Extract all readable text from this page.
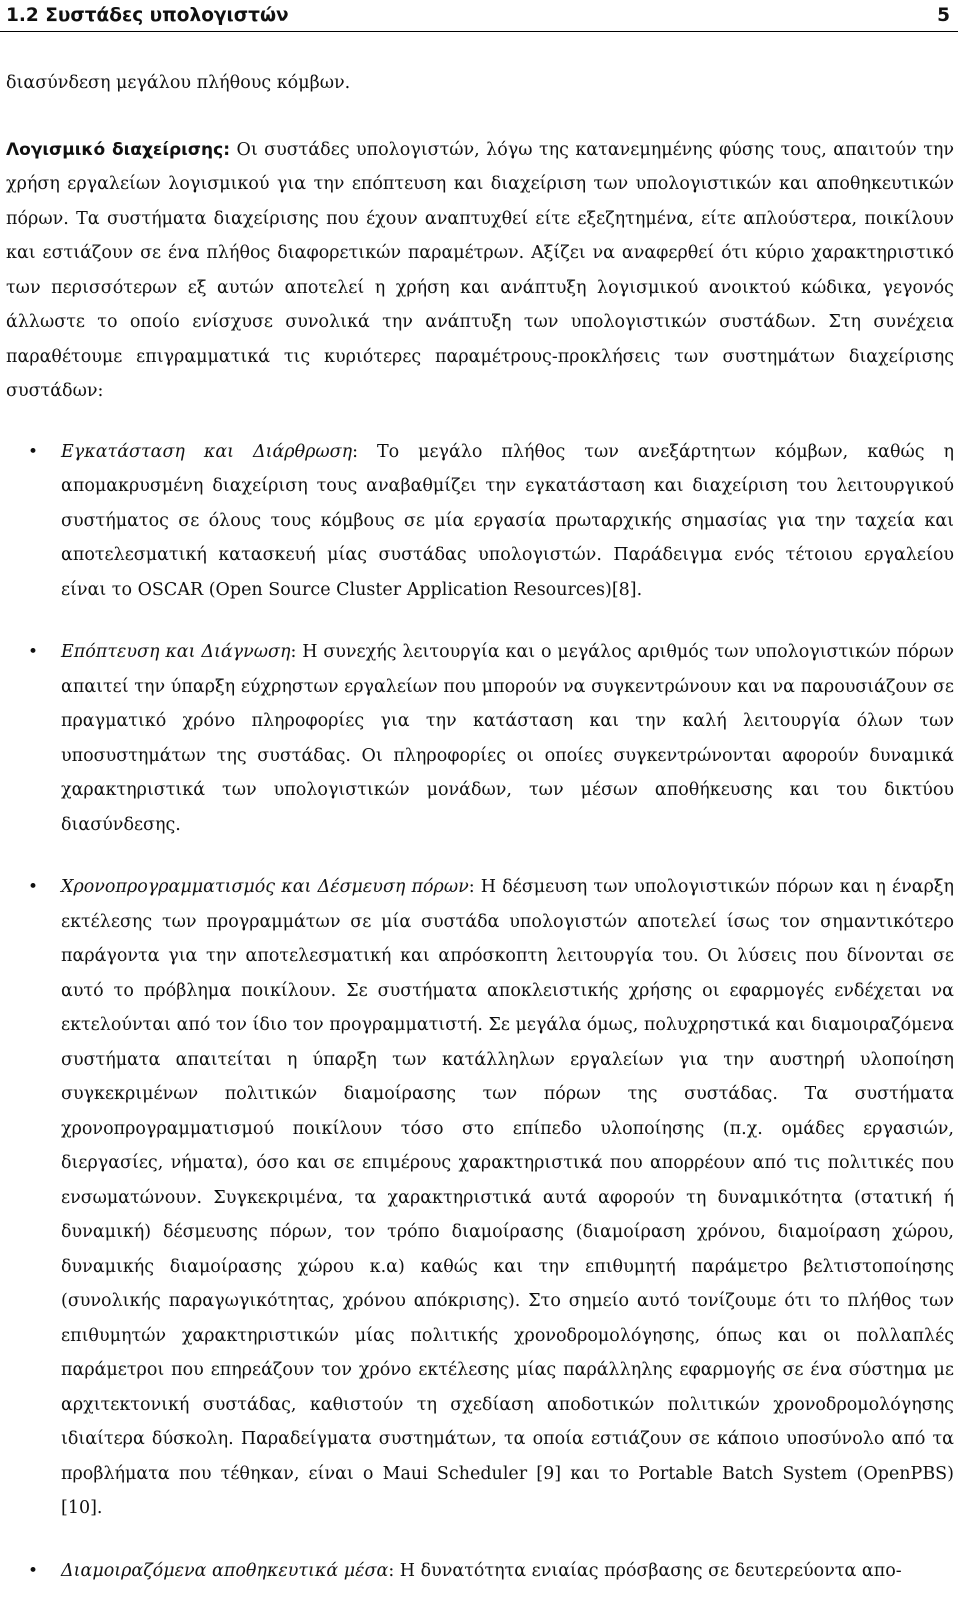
1.2 Συστάδες υπολογιστών	5

διασύνδεση μεγάλου πλήθους κόμβων.

Λογισμικό διαχείρισης: Οι συστάδες υπολογιστών, λόγω της κατανεμημένης φύσης τους, απαιτούν την χρήση εργαλείων λογισμικού για την επόπτευση και διαχείριση των υπολογιστικών και αποθηκευτικών πόρων. Τα συστήματα διαχείρισης που έχουν αναπτυχθεί είτε εξεζητημένα, είτε απλούστερα, ποικίλουν και εστιάζουν σε ένα πλήθος διαφορετικών παραμέτρων. Αξίζει να αναφερθεί ότι κύριο χαρακτηριστικό των περισσότερων εξ αυτών αποτελεί η χρήση και ανάπτυξη λογισμικού ανοικτού κώδικα, γεγονός άλλωστε το οποίο ενίσχυσε συνολικά την ανάπτυξη των υπολογιστικών συστάδων. Στη συνέχεια παραθέτουμε επιγραμματικά τις κυριότερες παραμέτρους-προκλήσεις των συστημάτων διαχείρισης συστάδων:

• Εγκατάσταση και Διάρθρωση: Το μεγάλο πλήθος των ανεξάρτητων κόμβων, καθώς η απομακρυσμένη διαχείριση τους αναβαθμίζει την εγκατάσταση και διαχείριση του λειτουργικού συστήματος σε όλους τους κόμβους σε μία εργασία πρωταρχικής σημασίας για την ταχεία και αποτελεσματική κατασκευή μίας συστάδας υπολογιστών. Παράδειγμα ενός τέτοιου εργαλείου είναι το OSCAR (Open Source Cluster Application Resources)[8].
• Επόπτευση και Διάγνωση: Η συνεχής λειτουργία και ο μεγάλος αριθμός των υπολογιστικών πόρων απαιτεί την ύπαρξη εύχρηστων εργαλείων που μπορούν να συγκεντρώνουν και να παρουσιάζουν σε πραγματικό χρόνο πληροφορίες για την κατάσταση και την καλή λειτουργία όλων των υποσυστημάτων της συστάδας. Οι πληροφορίες οι οποίες συγκεντρώνονται αφορούν δυναμικά χαρακτηριστικά των υπολογιστικών μονάδων, των μέσων αποθήκευσης και του δικτύου διασύνδεσης.
• Χρονοπρογραμματισμός και Δέσμευση πόρων: Η δέσμευση των υπολογιστικών πόρων και η έναρξη εκτέλεσης των προγραμμάτων σε μία συστάδα υπολογιστών αποτελεί ίσως τον σημαντικότερο παράγοντα για την αποτελεσματική και απρόσκοπτη λειτουργία του. Οι λύσεις που δίνονται σε αυτό το πρόβλημα ποικίλουν. Σε συστήματα αποκλειστικής χρήσης οι εφαρμογές ενδέχεται να εκτελούνται από τον ίδιο τον προγραμματιστή. Σε μεγάλα όμως, πολυχρηστικά και διαμοιραζόμενα συστήματα απαιτείται η ύπαρξη των κατάλληλων εργαλείων για την αυστηρή υλοποίηση συγκεκριμένων πολιτικών διαμοίρασης των πόρων της συστάδας. Τα συστήματα χρονοπρογραμματισμού ποικίλουν τόσο στο επίπεδο υλοποίησης (π.χ. ομάδες εργασιών, διεργασίες, νήματα), όσο και σε επιμέρους χαρακτηριστικά που απορρέουν από τις πολιτικές που ενσωματώνουν. Συγκεκριμένα, τα χαρακτηριστικά αυτά αφορούν τη δυναμικότητα (στατική ή δυναμική) δέσμευσης πόρων, τον τρόπο διαμοίρασης (διαμοίραση χρόνου, διαμοίραση χώρου, δυναμικής διαμοίρασης χώρου κ.α) καθώς και την επιθυμητή παράμετρο βελτιστοποίησης (συνολικής παραγωγικότητας, χρόνου απόκρισης). Στο σημείο αυτό τονίζουμε ότι το πλήθος των επιθυμητών χαρακτηριστικών μίας πολιτικής χρονοδρομολόγησης, όπως και οι πολλαπλές παράμετροι που επηρεάζουν τον χρόνο εκτέλεσης μίας παράλληλης εφαρμογής σε ένα σύστημα με αρχιτεκτονική συστάδας, καθιστούν τη σχεδίαση αποδοτικών πολιτικών χρονοδρομολόγησης ιδιαίτερα δύσκολη. Παραδείγματα συστημάτων, τα οποία εστιάζουν σε κάποιο υποσύνολο από τα προβλήματα που τέθηκαν, είναι ο Maui Scheduler [9] και το Portable Batch System (OpenPBS) [10].
• Διαμοιραζόμενα αποθηκευτικά μέσα: Η δυνατότητα ενιαίας πρόσβασης σε δευτερεύοντα απο-
